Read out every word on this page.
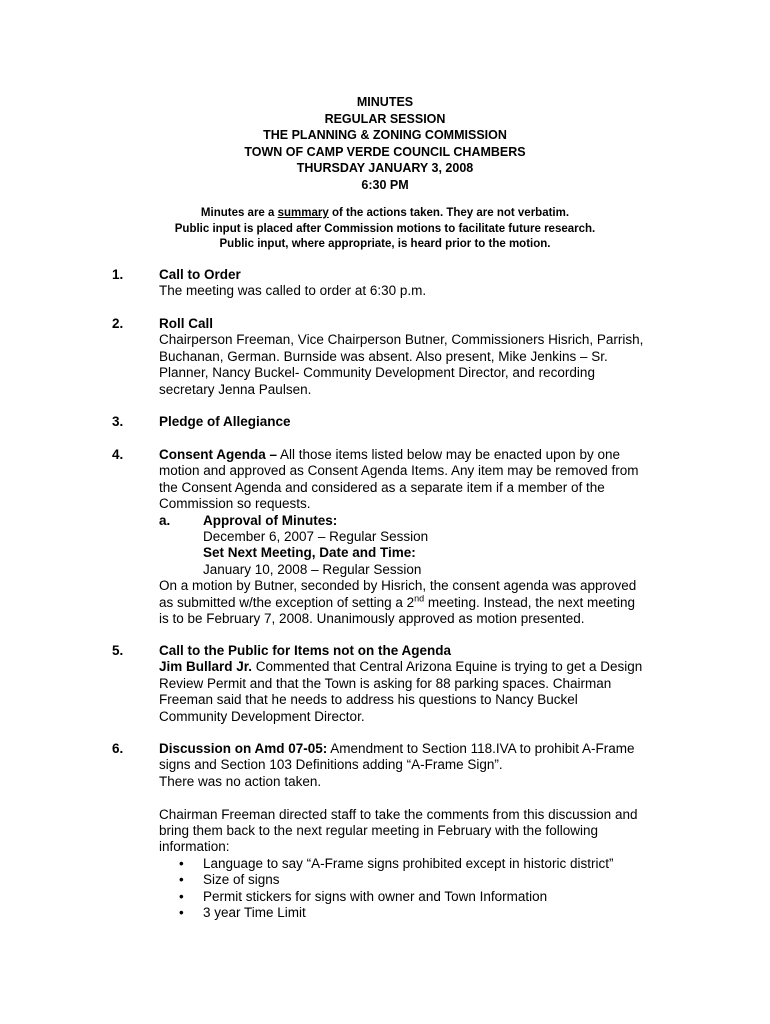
MINUTES
REGULAR SESSION
THE PLANNING & ZONING COMMISSION
TOWN OF CAMP VERDE COUNCIL CHAMBERS
THURSDAY JANUARY 3, 2008
6:30 PM
Minutes are a summary of the actions taken. They are not verbatim.
Public input is placed after Commission motions to facilitate future research.
Public input, where appropriate, is heard prior to the motion.
1.	Call to Order
The meeting was called to order at 6:30 p.m.
2.	Roll Call
Chairperson Freeman, Vice Chairperson Butner, Commissioners Hisrich, Parrish,
Buchanan, German. Burnside was absent. Also present, Mike Jenkins – Sr.
Planner, Nancy Buckel- Community Development Director, and recording
secretary Jenna Paulsen.
3.	Pledge of Allegiance
4.	Consent Agenda – All those items listed below may be enacted upon by one
motion and approved as Consent Agenda Items. Any item may be removed from
the Consent Agenda and considered as a separate item if a member of the
Commission so requests.
a. Approval of Minutes:
December 6, 2007 – Regular Session
Set Next Meeting, Date and Time:
January 10, 2008 – Regular Session
On a motion by Butner, seconded by Hisrich, the consent agenda was approved
as submitted w/the exception of setting a 2nd meeting. Instead, the next meeting
is to be February 7, 2008. Unanimously approved as motion presented.
5.	Call to the Public for Items not on the Agenda
Jim Bullard Jr. Commented that Central Arizona Equine is trying to get a Design
Review Permit and that the Town is asking for 88 parking spaces. Chairman
Freeman said that he needs to address his questions to Nancy Buckel
Community Development Director.
6.	Discussion on Amd 07-05: Amendment to Section 118.IVA to prohibit A-Frame
signs and Section 103 Definitions adding “A-Frame Sign”.
There was no action taken.
Chairman Freeman directed staff to take the comments from this discussion and
bring them back to the next regular meeting in February with the following
information:
• Language to say “A-Frame signs prohibited except in historic district”
• Size of signs
• Permit stickers for signs with owner and Town Information
• 3 year Time Limit
